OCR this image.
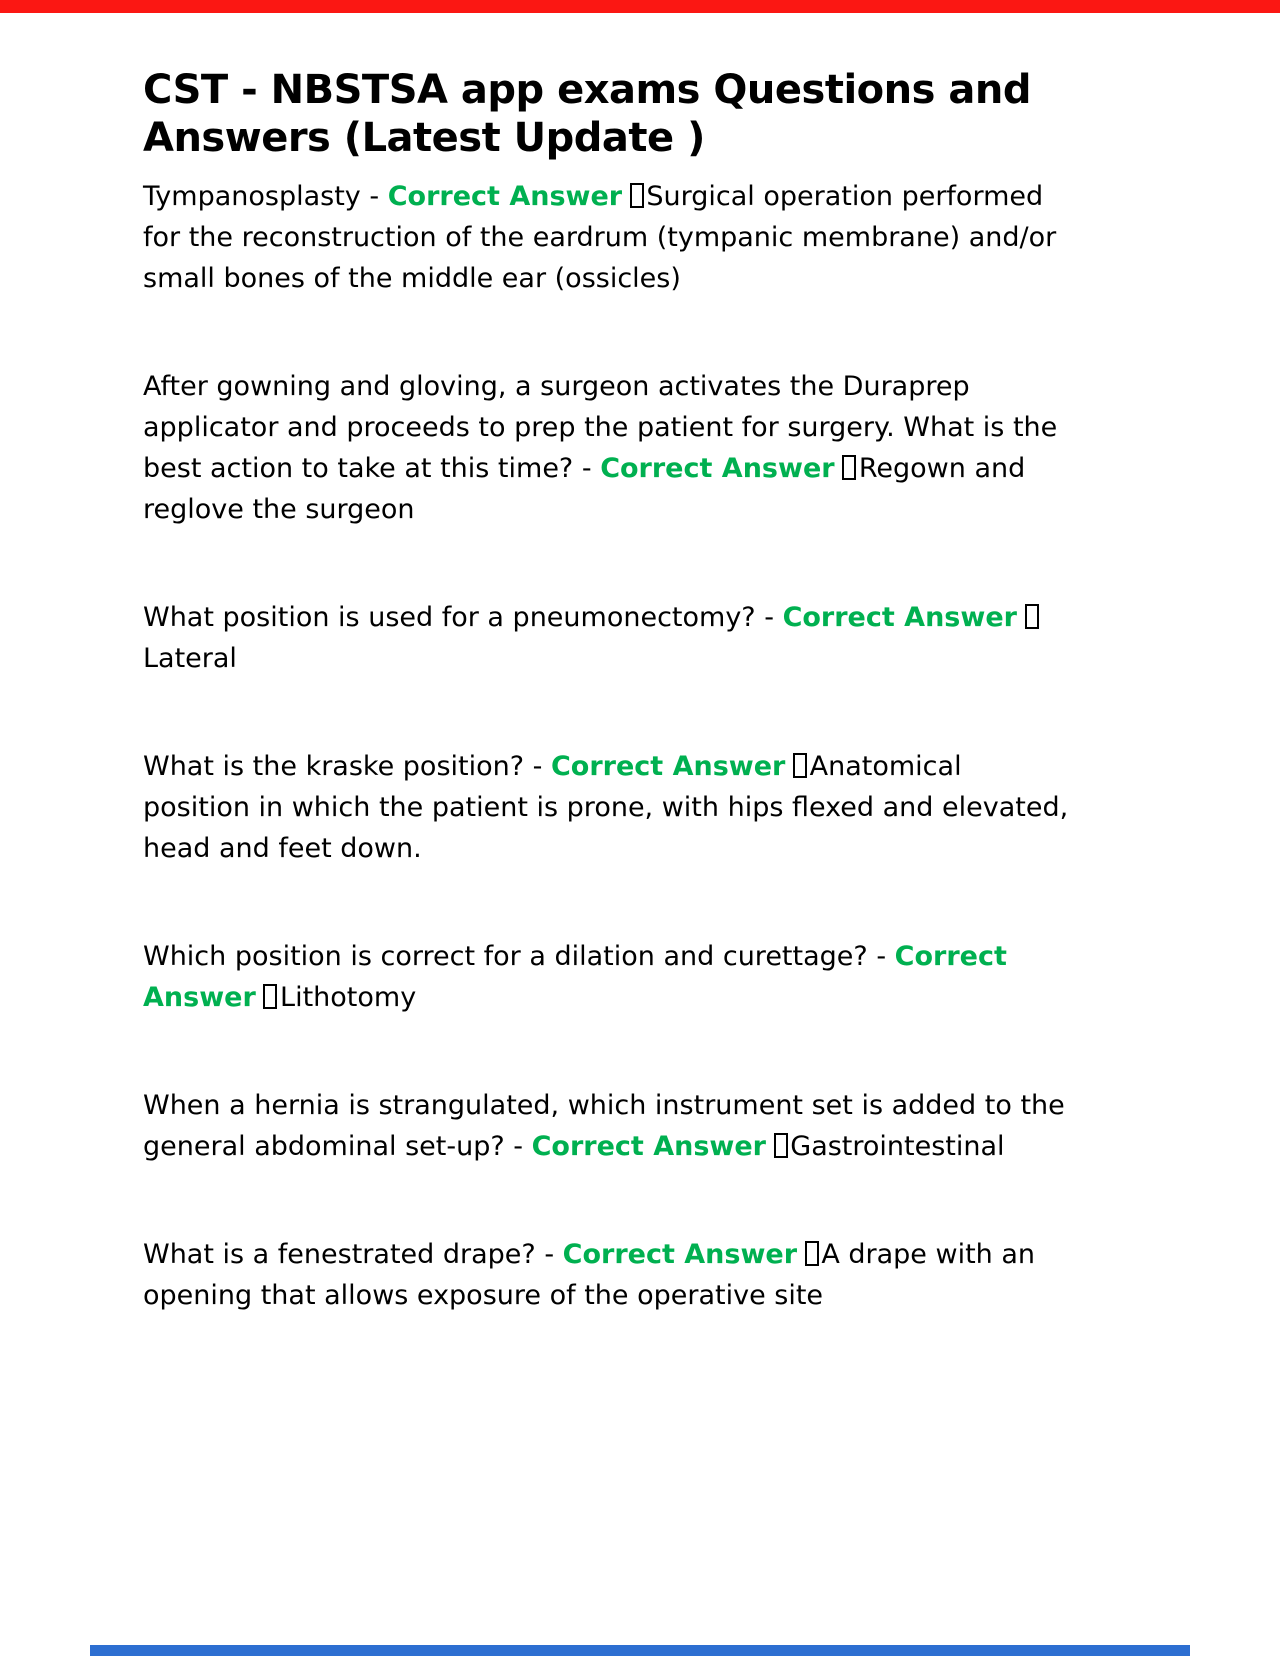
CST - NBSTSA app exams Questions and Answers (Latest Update )

Tympanosplasty - Correct Answer Surgical operation performed for the reconstruction of the eardrum (tympanic membrane) and/or small bones of the middle ear (ossicles)

After gowning and gloving, a surgeon activates the Duraprep applicator and proceeds to prep the patient for surgery. What is the best action to take at this time? - Correct Answer Regown and reglove the surgeon

What position is used for a pneumonectomy? - Correct AnswerLateral

What is the kraske position? - Correct Answer Anatomical position in which the patient is prone, with hips flexed and elevated, head and feet down.

Which position is correct for a dilation and curettage? - Correct Answer Lithotomy

When a hernia is strangulated, which instrument set is added to the general abdominal set-up? - Correct Answer Gastrointestinal

What is a fenestrated drape? - Correct Answer A drape with an opening that allows exposure of the operative site
